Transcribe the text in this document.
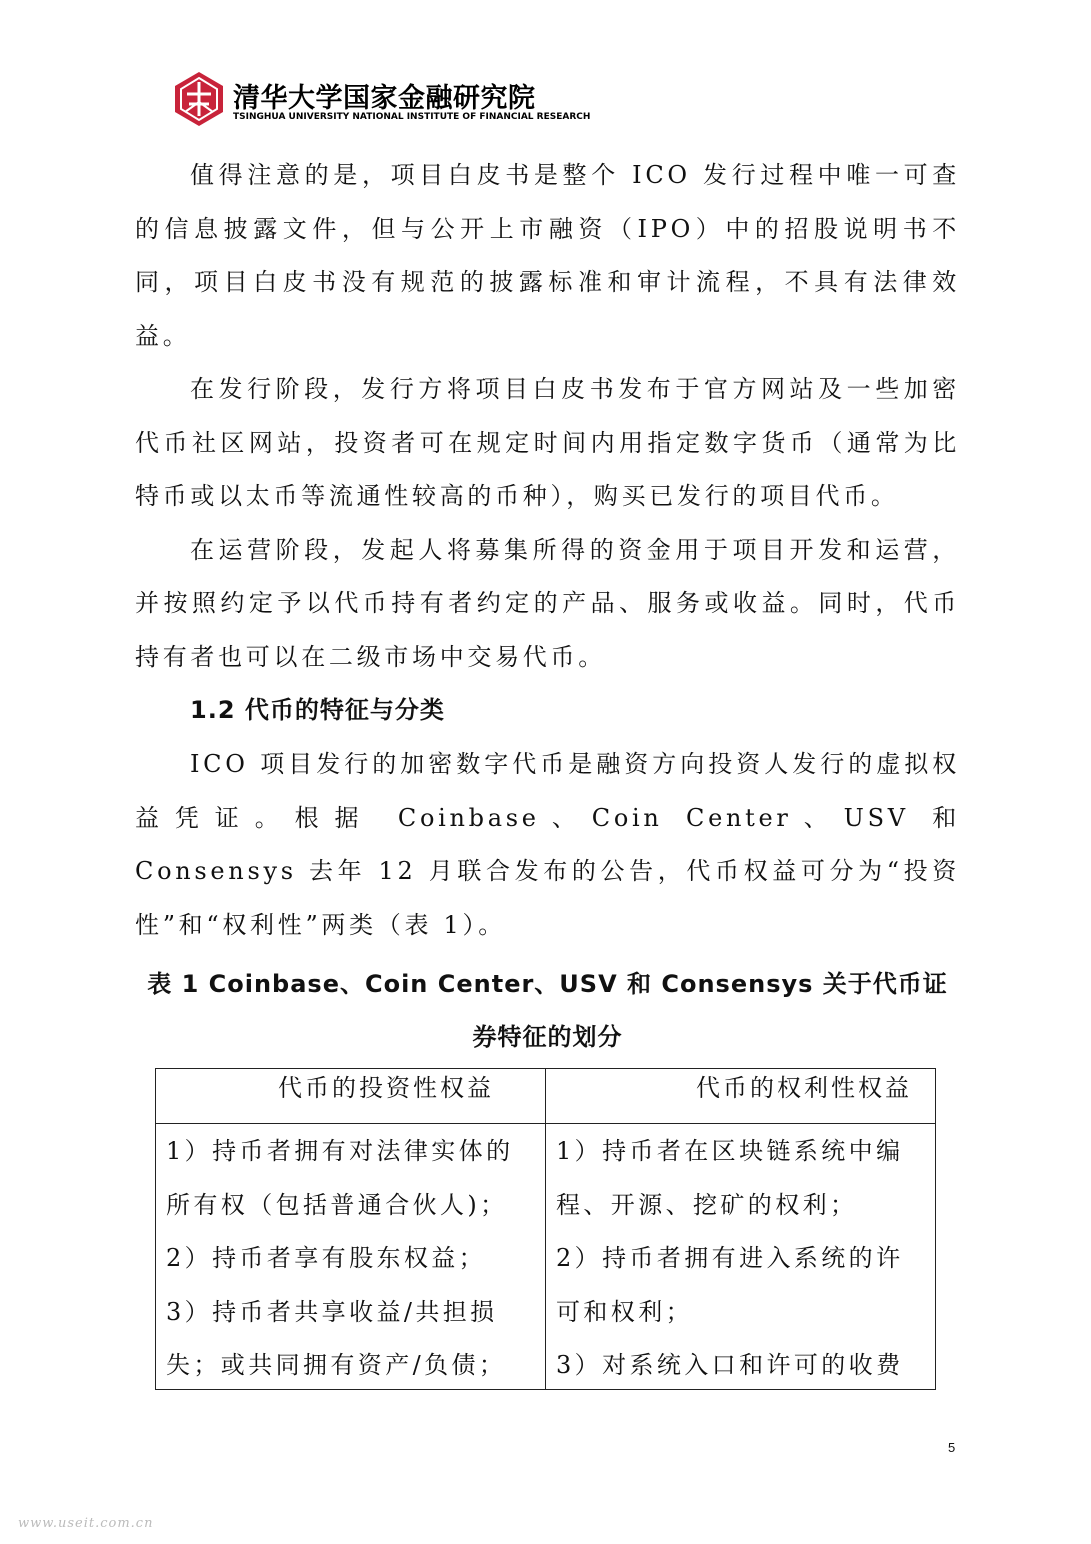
清华大学国家金融研究院
TSINGHUA UNIVERSITY NATIONAL INSTITUTE OF FINANCIAL RESEARCH

值得注意的是，项目白皮书是整个 ICO 发行过程中唯一可查的信息披露文件，但与公开上市融资（IPO）中的招股说明书不同，项目白皮书没有规范的披露标准和审计流程，不具有法律效益。

在发行阶段，发行方将项目白皮书发布于官方网站及一些加密代币社区网站，投资者可在规定时间内用指定数字货币（通常为比特币或以太币等流通性较高的币种），购买已发行的项目代币。

在运营阶段，发起人将募集所得的资金用于项目开发和运营，并按照约定予以代币持有者约定的产品、服务或收益。同时，代币持有者也可以在二级市场中交易代币。

1.2 代币的特征与分类

ICO 项目发行的加密数字代币是融资方向投资人发行的虚拟权益凭证。根据 Coinbase、Coin Center、USV 和 Consensys 去年 12 月联合发布的公告，代币权益可分为“投资性”和“权利性”两类（表 1）。

表 1 Coinbase、Coin Center、USV 和 Consensys 关于代币证券特征的划分
代币的投资性权益	代币的权利性权益
1）持币者拥有对法律实体的
所有权（包括普通合伙人)；
2）持币者享有股东权益；
3）持币者共享收益/共担损
失；或共同拥有资产/负债；
1）持币者在区块链系统中编
程、开源、挖矿的权利；
2）持币者拥有进入系统的许
可和权利；
3）对系统入口和许可的收费
5
www.useit.com.cn
